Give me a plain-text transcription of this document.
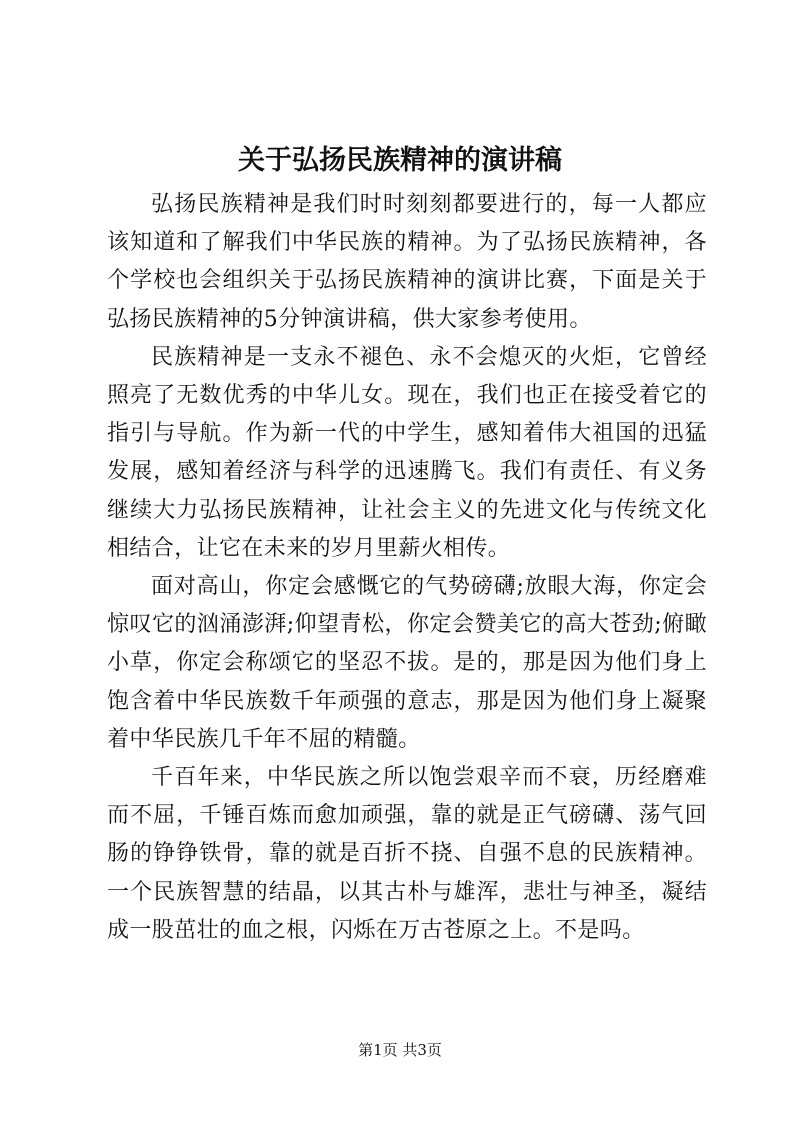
关于弘扬民族精神的演讲稿

弘扬民族精神是我们时时刻刻都要进行的，每一人都应该知道和了解我们中华民族的精神。为了弘扬民族精神，各个学校也会组织关于弘扬民族精神的演讲比赛，下面是关于弘扬民族精神的5分钟演讲稿，供大家参考使用。

民族精神是一支永不褪色、永不会熄灭的火炬，它曾经照亮了无数优秀的中华儿女。现在，我们也正在接受着它的指引与导航。作为新一代的中学生，感知着伟大祖国的迅猛发展，感知着经济与科学的迅速腾飞。我们有责任、有义务继续大力弘扬民族精神，让社会主义的先进文化与传统文化相结合，让它在未来的岁月里薪火相传。

面对高山，你定会感慨它的气势磅礴;放眼大海，你定会惊叹它的汹涌澎湃;仰望青松，你定会赞美它的高大苍劲;俯瞰小草，你定会称颂它的坚忍不拔。是的，那是因为他们身上饱含着中华民族数千年顽强的意志，那是因为他们身上凝聚着中华民族几千年不屈的精髓。

千百年来，中华民族之所以饱尝艰辛而不衰，历经磨难而不屈，千锤百炼而愈加顽强，靠的就是正气磅礴、荡气回肠的铮铮铁骨，靠的就是百折不挠、自强不息的民族精神。一个民族智慧的结晶，以其古朴与雄浑，悲壮与神圣，凝结成一股茁壮的血之根，闪烁在万古苍原之上。不是吗。

第1页 共3页
